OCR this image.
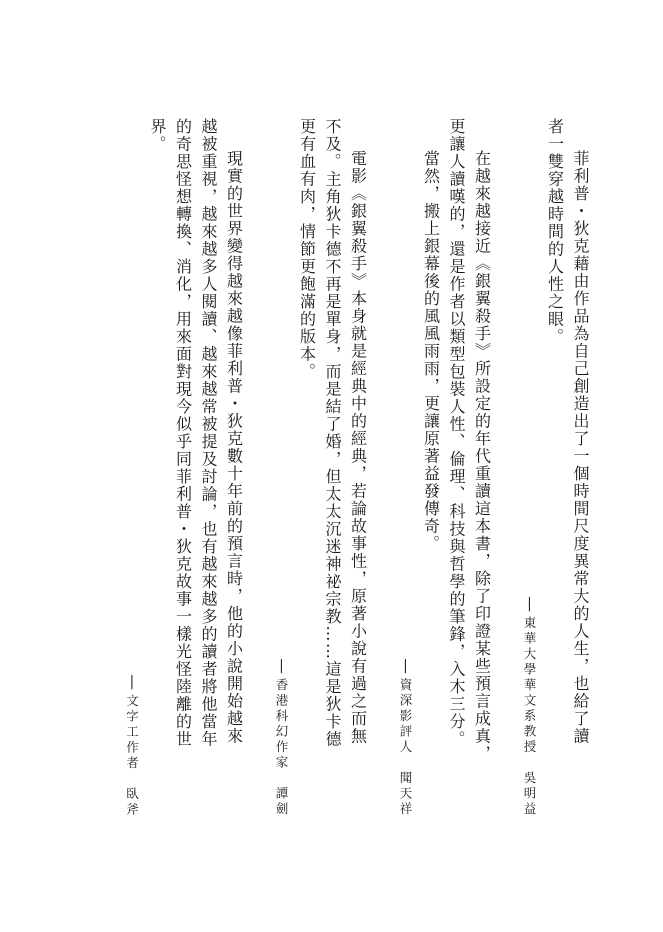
菲利普・狄克藉由作品為自己創造出了一個時間尺度異常大的人生，也給了讀
者一雙穿越時間的人性之眼。
──東華大學華文系教授　吳明益
在越來越接近《銀翼殺手》所設定的年代重讀這本書，除了印證某些預言成真，
更讓人讀嘆的，還是作者以類型包裝人性、倫理、科技與哲學的筆鋒，入木三分。
當然，搬上銀幕後的風風雨雨，更讓原著益發傳奇。
──資深影評人　聞天祥
電影《銀翼殺手》本身就是經典中的經典，若論故事性，原著小說有過之而無
不及。主角狄卡德不再是單身，而是結了婚，但太太沉迷神祕宗教……這是狄卡德
更有血有肉，情節更飽滿的版本。
──香港科幻作家　譚劍
現實的世界變得越來越像菲利普・狄克數十年前的預言時，他的小說開始越來
越被重視，越來越多人閱讀、越來越常被提及討論，也有越來越多的讀者將他當年
的奇思怪想轉換、消化，用來面對現今似乎同菲利普・狄克故事一樣光怪陸離的世
界。
──文字工作者　臥斧
